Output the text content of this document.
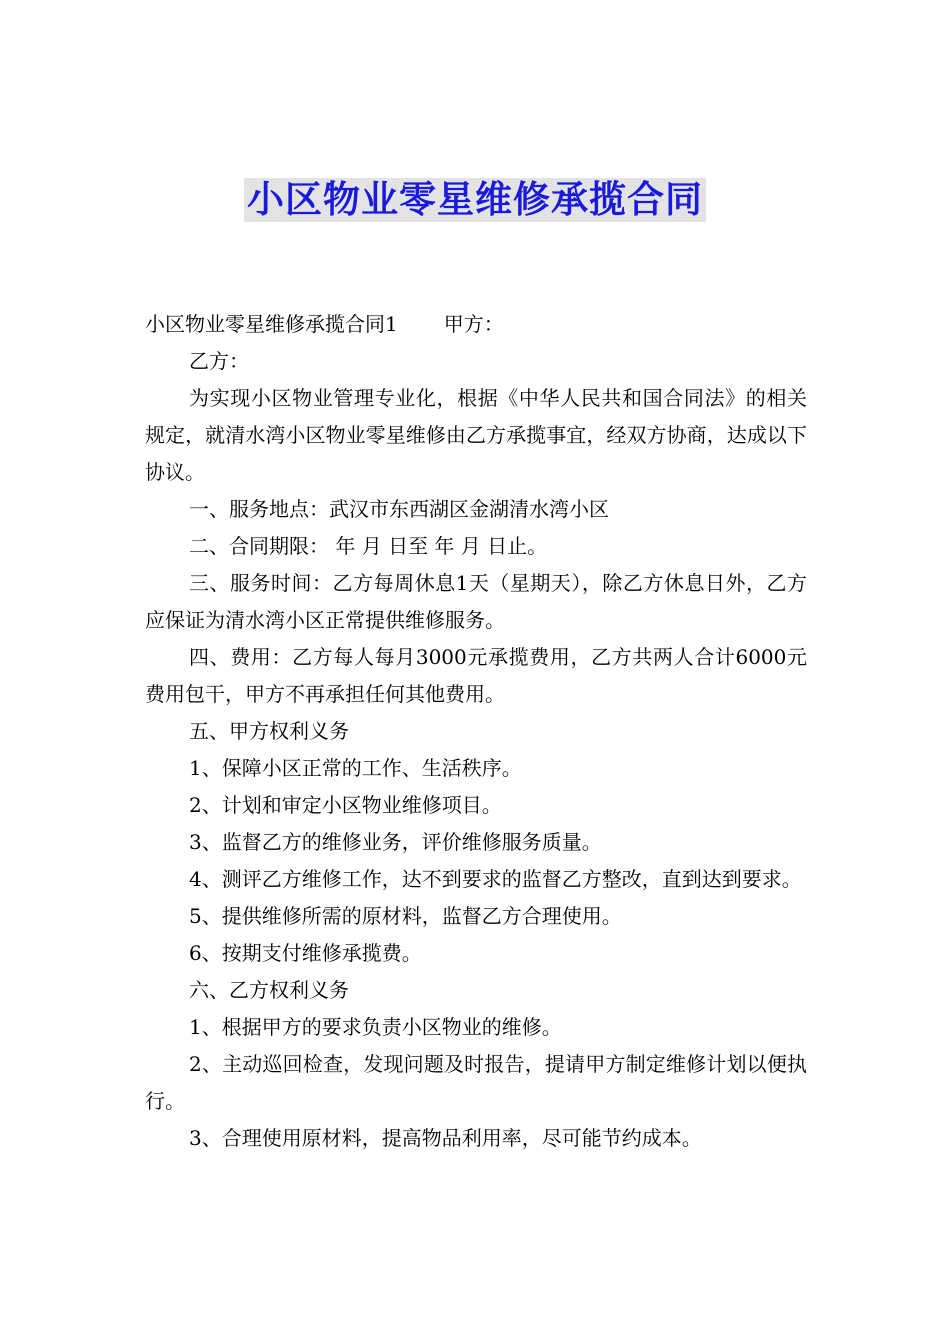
小区物业零星维修承揽合同

小区物业零星维修承揽合同1 甲方：

乙方：

为实现小区物业管理专业化，根据《中华人民共和国合同法》的相关规定，就清水湾小区物业零星维修由乙方承揽事宜，经双方协商，达成以下协议。

一、服务地点：武汉市东西湖区金湖清水湾小区

二、合同期限： 年 月 日至 年 月 日止。

三、服务时间：乙方每周休息1天（星期天），除乙方休息日外，乙方应保证为清水湾小区正常提供维修服务。

四、费用：乙方每人每月3000元承揽费用，乙方共两人合计6000元费用包干，甲方不再承担任何其他费用。

五、甲方权利义务

1、保障小区正常的工作、生活秩序。

2、计划和审定小区物业维修项目。

3、监督乙方的维修业务，评价维修服务质量。

4、测评乙方维修工作，达不到要求的监督乙方整改，直到达到要求。

5、提供维修所需的原材料，监督乙方合理使用。

6、按期支付维修承揽费。

六、乙方权利义务

1、根据甲方的要求负责小区物业的维修。

2、主动巡回检查，发现问题及时报告，提请甲方制定维修计划以便执行。

3、合理使用原材料，提高物品利用率，尽可能节约成本。
